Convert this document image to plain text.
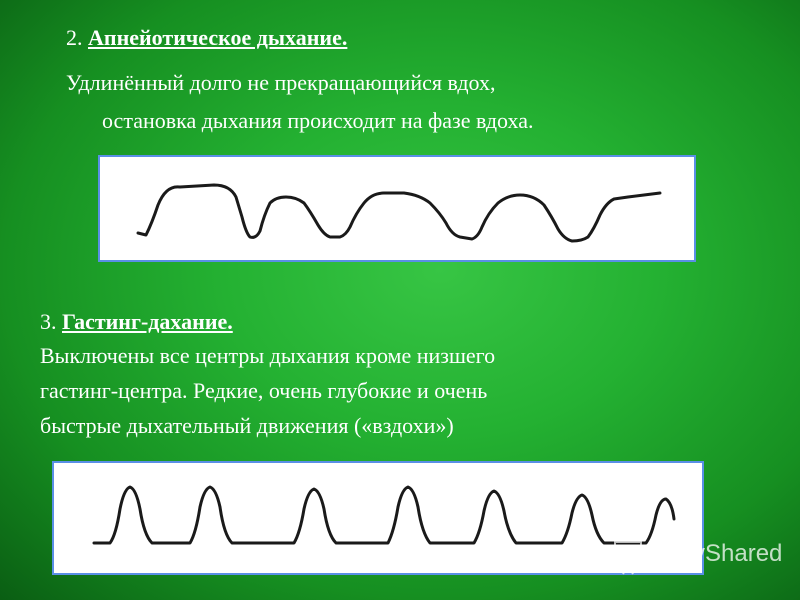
2. Апнейотическое дыхание.
Удлинённый долго не прекращающийся вдох,
остановка дыхания происходит на фазе вдоха.
3. Гастинг-дахание.
Выключены все центры дыхания кроме низшего
гастинг-центра. Редкие, очень глубокие и очень
быстрые дыхательный движения («вздохи»)
MyShared
